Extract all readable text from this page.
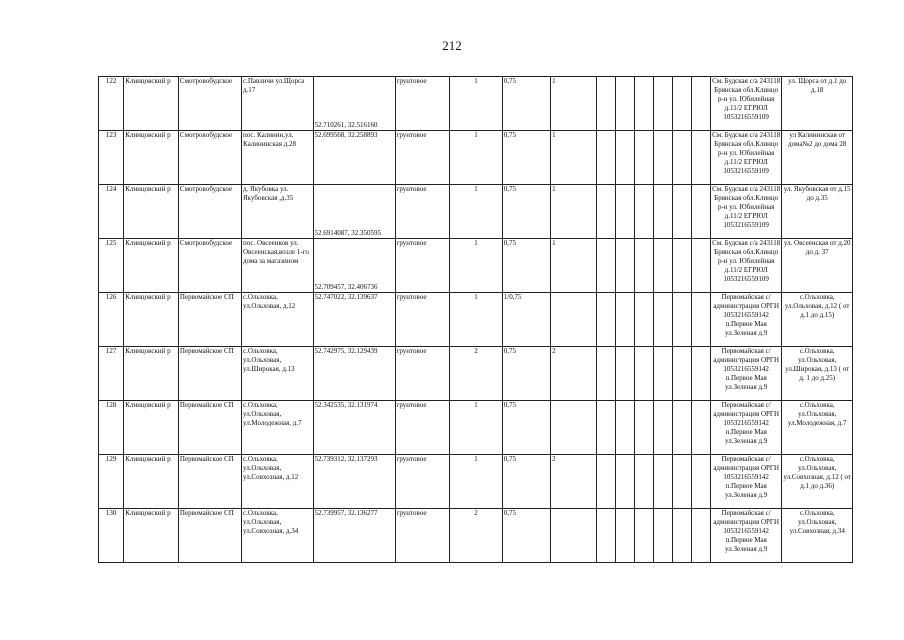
212
122	Клинцовский р	Смотровобудское	с.Павличи ул.Щорса д.17	52.710261, 32.516160	грунтовое	1	0,75	1							См. Будская с/а 243118 Брянская обл.Клинцо р-н ул. Юбилейная д.11/2 ЕГРЮЛ 1053216559109	ул. Щорса от д.1 до д.18
123	Клинцовский р	Смотровобудское	пос. Калинин,ул. Калининская д.28	52.699568, 32.258893	грунтовое	1	0,75	1							См. Будская с/а 243118 Брянская обл.Клинцо р-н ул. Юбилейная д.11/2 ЕГРЮЛ 1053216559109	ул Калининская от дома№2 до дома 28
124	Клинцовский р	Смотровобудское	д. Якубовка ул. Якубовская ,д.35	52.6914087, 32.350595	грунтовое	1	0,75	1							См. Будская с/а 243118 Брянская обл.Клинцо р-н ул. Юбилейная д.11/2 ЕГРЮЛ 1053216559109	ул. Якубовская от д.15 до д.35
125	Клинцовский р	Смотровобудское	пос. Овсеенков ул. Овсеенская,возле 1-го дома за магазином	52.709457, 32.406736	грунтовое	1	0,75	1							См. Будская с/а 243118 Брянская обл.Клинцо р-н ул. Юбилейная д.11/2 ЕГРЮЛ 1053216559109	ул. Овсеенская от д.20 до д. 37
126	Клинцовский р	Первомайское СП	с.Ольховка, ул.Ольховая, д.12	52.747022, 32.139637	грунтовое	1	1/0,75								Первомайская с/администрация ОРГН 1053216559142 п.Первое Мая ул.Зеленая д.9	с.Ольховка, ул.Ольховая, д.12 ( от д.1 до д.15)
127	Клинцовский р	Первомайское СП	с.Ольховка, ул.Ольховая, ул.Широкая, д.13	52.742975, 32.129439	грунтовое	2	0,75	2							Первомайская с/администрация ОРГН 1053216559142 п.Первое Мая ул.Зеленая д.9	с.Ольховка, ул.Ольховая, ул.Широкая, д.13 ( от д. 1 до д.25)
128	Клинцовский р	Первомайское СП	с.Ольховка, ул.Ольховая, ул.Молодежная, д.7	52.342535, 32.131974	грунтовое	1	0,75								Первомайская с/администрация ОРГН 1053216559142 п.Первое Мая ул.Зеленая д.9	с.Ольховка, ул.Ольховая, ул.Молодежная, д.7
129	Клинцовский р	Первомайское СП	с.Ольховка, ул.Ольховая, ул.Совхозная, д.12	52.739312, 32.137293	грунтовое	1	0,75	2							Первомайская с/администрация ОРГН 1053216559142 п.Первое Мая ул.Зеленая д.9	с.Ольховка, ул.Ольховая, ул.Совхозная, д.12 ( от д.1 до д.36)
130	Клинцовский р	Первомайское СП	с.Ольховка, ул.Ольховая, ул.Совхозная, д.34	52.739957, 32.136277	грунтовое	2	0,75								Первомайская с/администрация ОРГН 1053216559142 п.Первое Мая ул.Зеленая д.9	с.Ольховка, ул.Ольховая, ул.Совхозная, д.34
